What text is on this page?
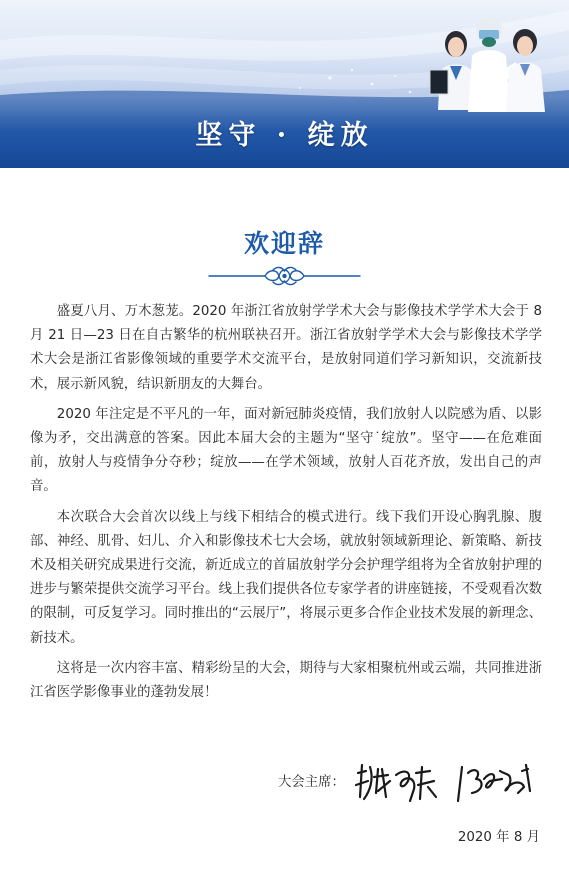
坚守 · 绽放
欢迎辞

盛夏八月、万木葱茏。2020 年浙江省放射学学术大会与影像技术学学术大会于 8 月 21 日—23 日在自古繁华的杭州联袂召开。浙江省放射学学术大会与影像技术学学术大会是浙江省影像领域的重要学术交流平台，是放射同道们学习新知识，交流新技术，展示新风貌，结识新朋友的大舞台。

2020 年注定是不平凡的一年，面对新冠肺炎疫情，我们放射人以院感为盾、以影像为矛，交出满意的答案。因此本届大会的主题为“坚守˙绽放”。坚守——在危难面前，放射人与疫情争分夺秒；绽放——在学术领域，放射人百花齐放，发出自己的声音。

本次联合大会首次以线上与线下相结合的模式进行。线下我们开设心胸乳腺、腹部、神经、肌骨、妇儿、介入和影像技术七大会场，就放射领域新理论、新策略、新技术及相关研究成果进行交流，新近成立的首届放射学分会护理学组将为全省放射护理的进步与繁荣提供交流学习平台。线上我们提供各位专家学者的讲座链接，不受观看次数的限制，可反复学习。同时推出的“云展厅”，将展示更多合作企业技术发展的新理念、新技术。

这将是一次内容丰富、精彩纷呈的大会，期待与大家相聚杭州或云端，共同推进浙江省医学影像事业的蓬勃发展！

大会主席：
2020 年 8 月
